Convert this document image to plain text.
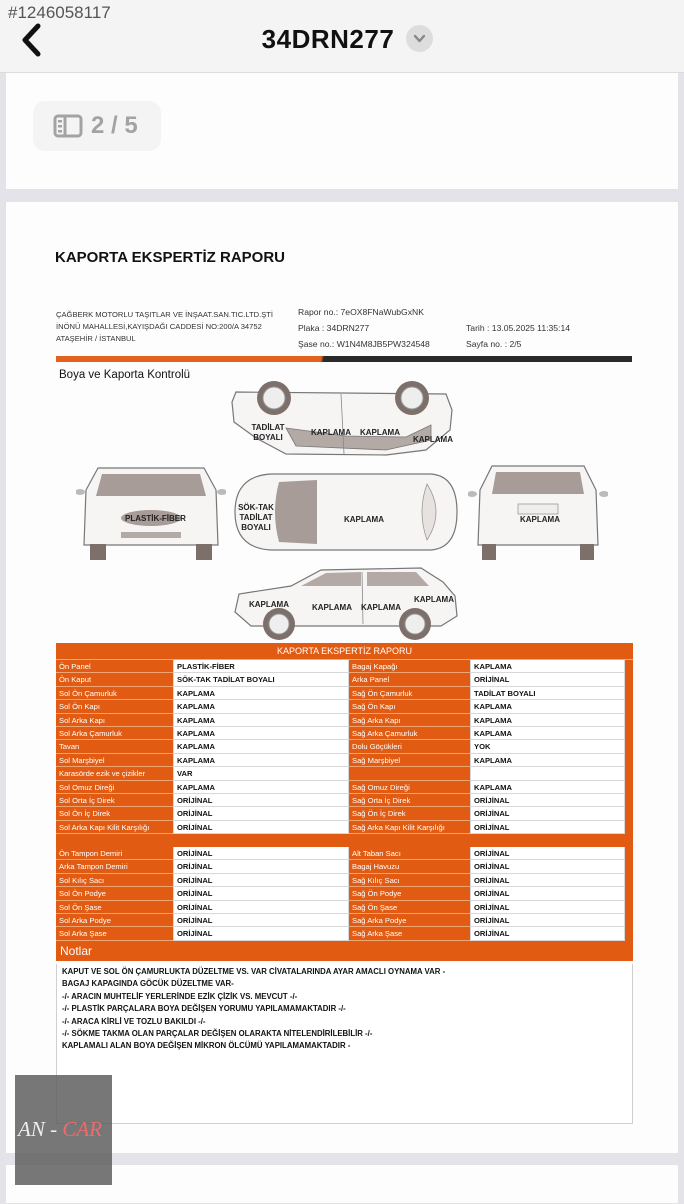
#1246058117
34DRN277
2 / 5
KAPORTA EKSPERTİZ RAPORU
ÇAĞBERK MOTORLU TAŞITLAR VE İNŞAAT.SAN.TIC.LTD.ŞTİ
İNÖNÜ MAHALLESİ,KAYIŞDAĞI CADDESİ NO:200/A 34752
ATAŞEHİR / İSTANBUL
Rapor no.: 7eOX8FNaWubGxNK
Plaka : 34DRN277
Şase no.: W1N4M8JB5PW324548
Tarih : 13.05.2025 11:35:14
Sayfa no. : 2/5
Boya ve Kaporta Kontrolü
TADİLAT BOYALI
KAPLAMA KAPLAMA
KAPLAMA
PLASTİK-FİBER
SÖK-TAK TADİLAT BOYALI
KAPLAMA	KAPLAMA
KAPLAMA	KAPLAMA KAPLAMA
KAPLAMA
KAPORTA EKSPERTİZ RAPORU
Ön Panel	PLASTİK-FİBER	Bagaj Kapağı	KAPLAMA
Ön Kaput	SÖK-TAK TADİLAT BOYALI	Arka Panel	ORİJİNAL
Sol Ön Çamurluk	KAPLAMA	Sağ Ön Çamurluk	TADİLAT BOYALI
Sol Ön Kapı	KAPLAMA	Sağ Ön Kapı	KAPLAMA
Sol Arka Kapı	KAPLAMA	Sağ Arka Kapı	KAPLAMA
Sol Arka Çamurluk	KAPLAMA	Sağ Arka Çamurluk	KAPLAMA
Tavan	KAPLAMA	Dolu Göçükleri	YOK
Sol Marşbiyel	KAPLAMA	Sağ Marşbiyel	KAPLAMA
Karasörde ezik ve çizikler	VAR
Sol Omuz Direği	KAPLAMA	Sağ Omuz Direği	KAPLAMA
Sol Orta İç Direk	ORİJİNAL	Sağ Orta İç Direk	ORİJİNAL
Sol Ön İç Direk	ORİJİNAL	Sağ Ön İç Direk	ORİJİNAL
Sol Arka Kapı Kilit Karşılığı	ORİJİNAL	Sağ Arka Kapı Kilit Karşılığı	ORİJİNAL
Ön Tampon Demiri	ORİJİNAL	Alt Taban Sacı	ORİJİNAL
Arka Tampon Demiri	ORİJİNAL	Bagaj Havuzu	ORİJİNAL
Sol Kılıç Sacı	ORİJİNAL	Sağ Kılıç Sacı	ORİJİNAL
Sol Ön Podye	ORİJİNAL	Sağ Ön Podye	ORİJİNAL
Sol Ön Şase	ORİJİNAL	Sağ Ön Şase	ORİJİNAL
Sol Arka Podye	ORİJİNAL	Sağ Arka Podye	ORİJİNAL
Sol Arka Şase	ORİJİNAL	Sağ Arka Şase	ORİJİNAL
Notlar
KAPUT VE SOL ÖN ÇAMURLUKTA DÜZELTME VS. VAR CİVATALARINDA AYAR AMACLI OYNAMA VAR -
BAGAJ KAPAGINDA GÖCÜK DÜZELTME VAR-
-/- ARACIN MUHTELİF YERLERİNDE EZİK ÇİZİK VS. MEVCUT -/-
-/- PLASTİK PARÇALARA BOYA DEĞİŞEN YORUMU YAPILAMAMAKTADIR -/-
-/- ARACA KİRLİ VE TOZLU BAKILDI -/-
-/- SÖKME TAKMA OLAN PARÇALAR DEĞİŞEN OLARAKTA NİTELENDİRİLEBİLİR -/-
KAPLAMALI ALAN BOYA DEĞİŞEN MİKRON ÖLCÜMÜ YAPILAMAMAKTADIR -
AN - CAR
